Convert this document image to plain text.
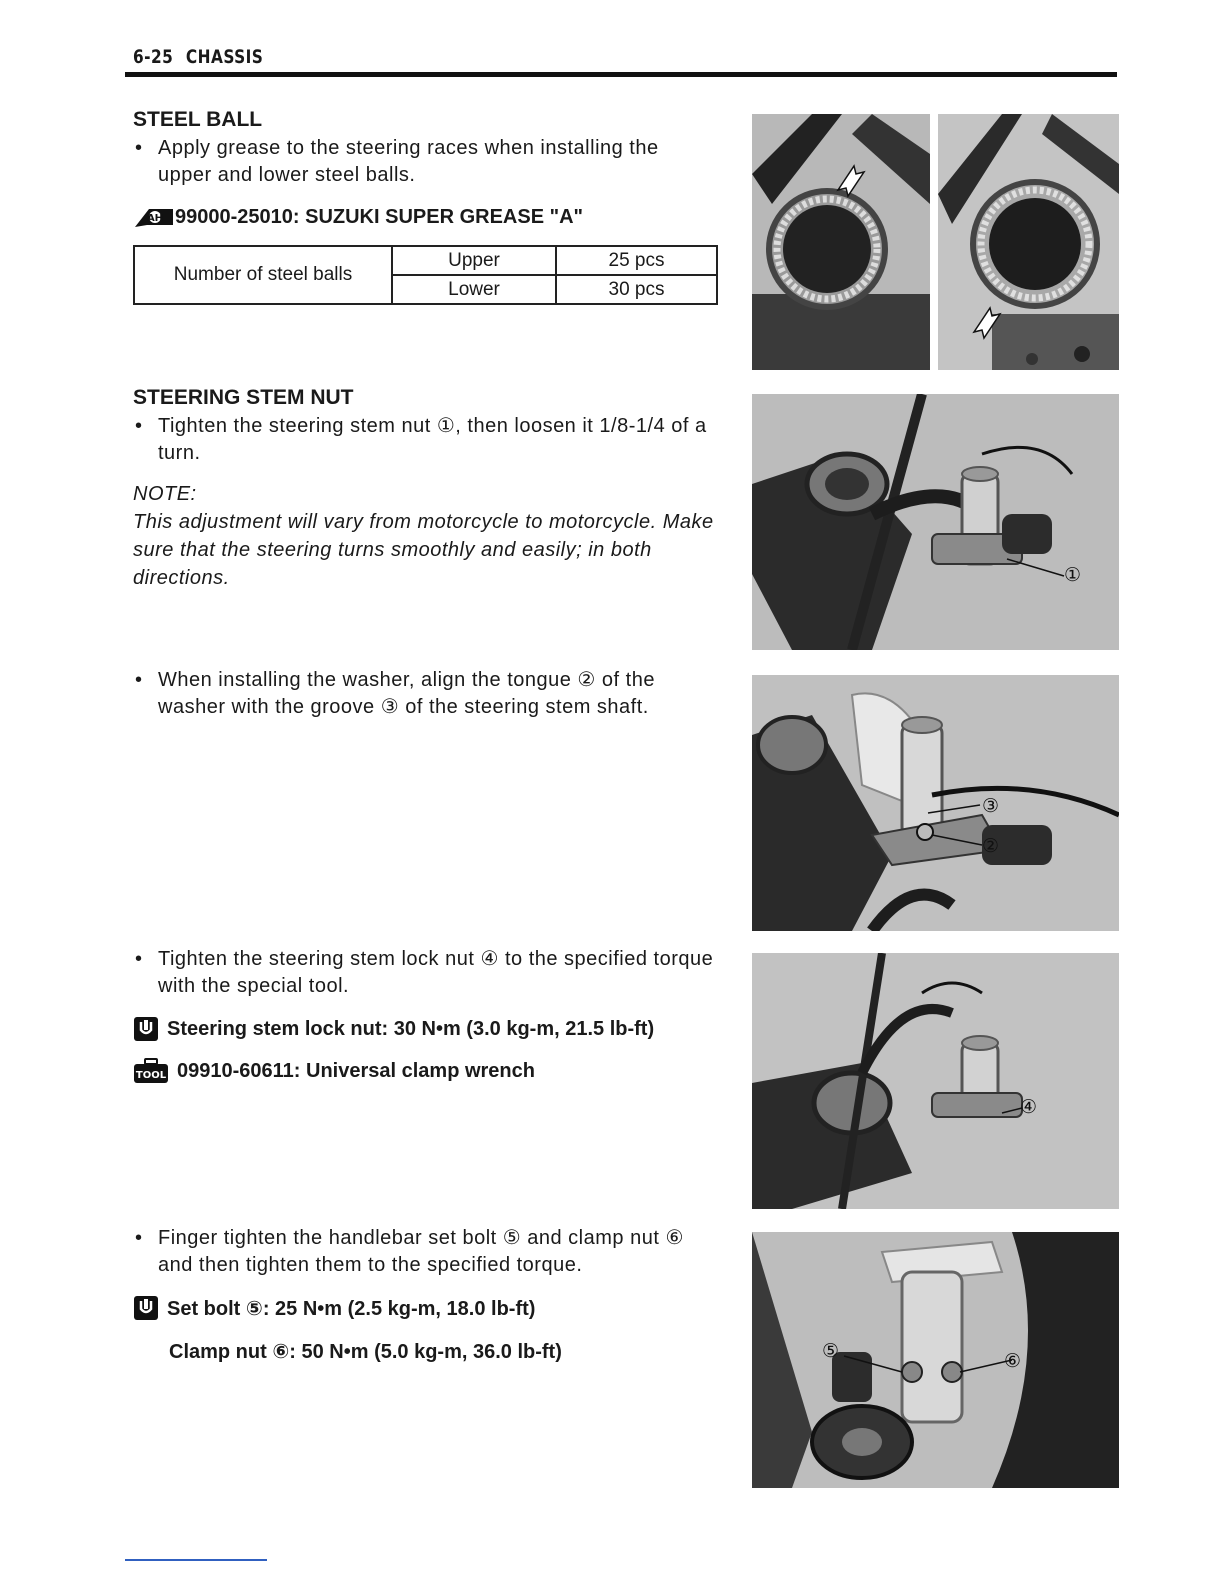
6-25 CHASSIS
STEEL BALL
• Apply grease to the steering races when installing the upper and lower steel balls.
AH 99000-25010: SUZUKI SUPER GREASE "A"
Number of steel balls	Upper	25 pcs
	Lower	30 pcs
STEERING STEM NUT
• Tighten the steering stem nut ①, then loosen it 1/8-1/4 of a turn.
NOTE:
This adjustment will vary from motorcycle to motorcycle. Make sure that the steering turns smoothly and easily; in both directions.
• When installing the washer, align the tongue ② of the washer with the groove ③ of the steering stem shaft.
• Tighten the steering stem lock nut ④ to the specified torque with the special tool.
Steering stem lock nut: 30 N•m (3.0 kg-m, 21.5 lb-ft)
TOOL 09910-60611: Universal clamp wrench
• Finger tighten the handlebar set bolt ⑤ and clamp nut ⑥ and then tighten them to the specified torque.
Set bolt ⑤: 25 N•m (2.5 kg-m, 18.0 lb-ft)
Clamp nut ⑥: 50 N•m (5.0 kg-m, 36.0 lb-ft)
①
③
②
④
⑤	⑥
